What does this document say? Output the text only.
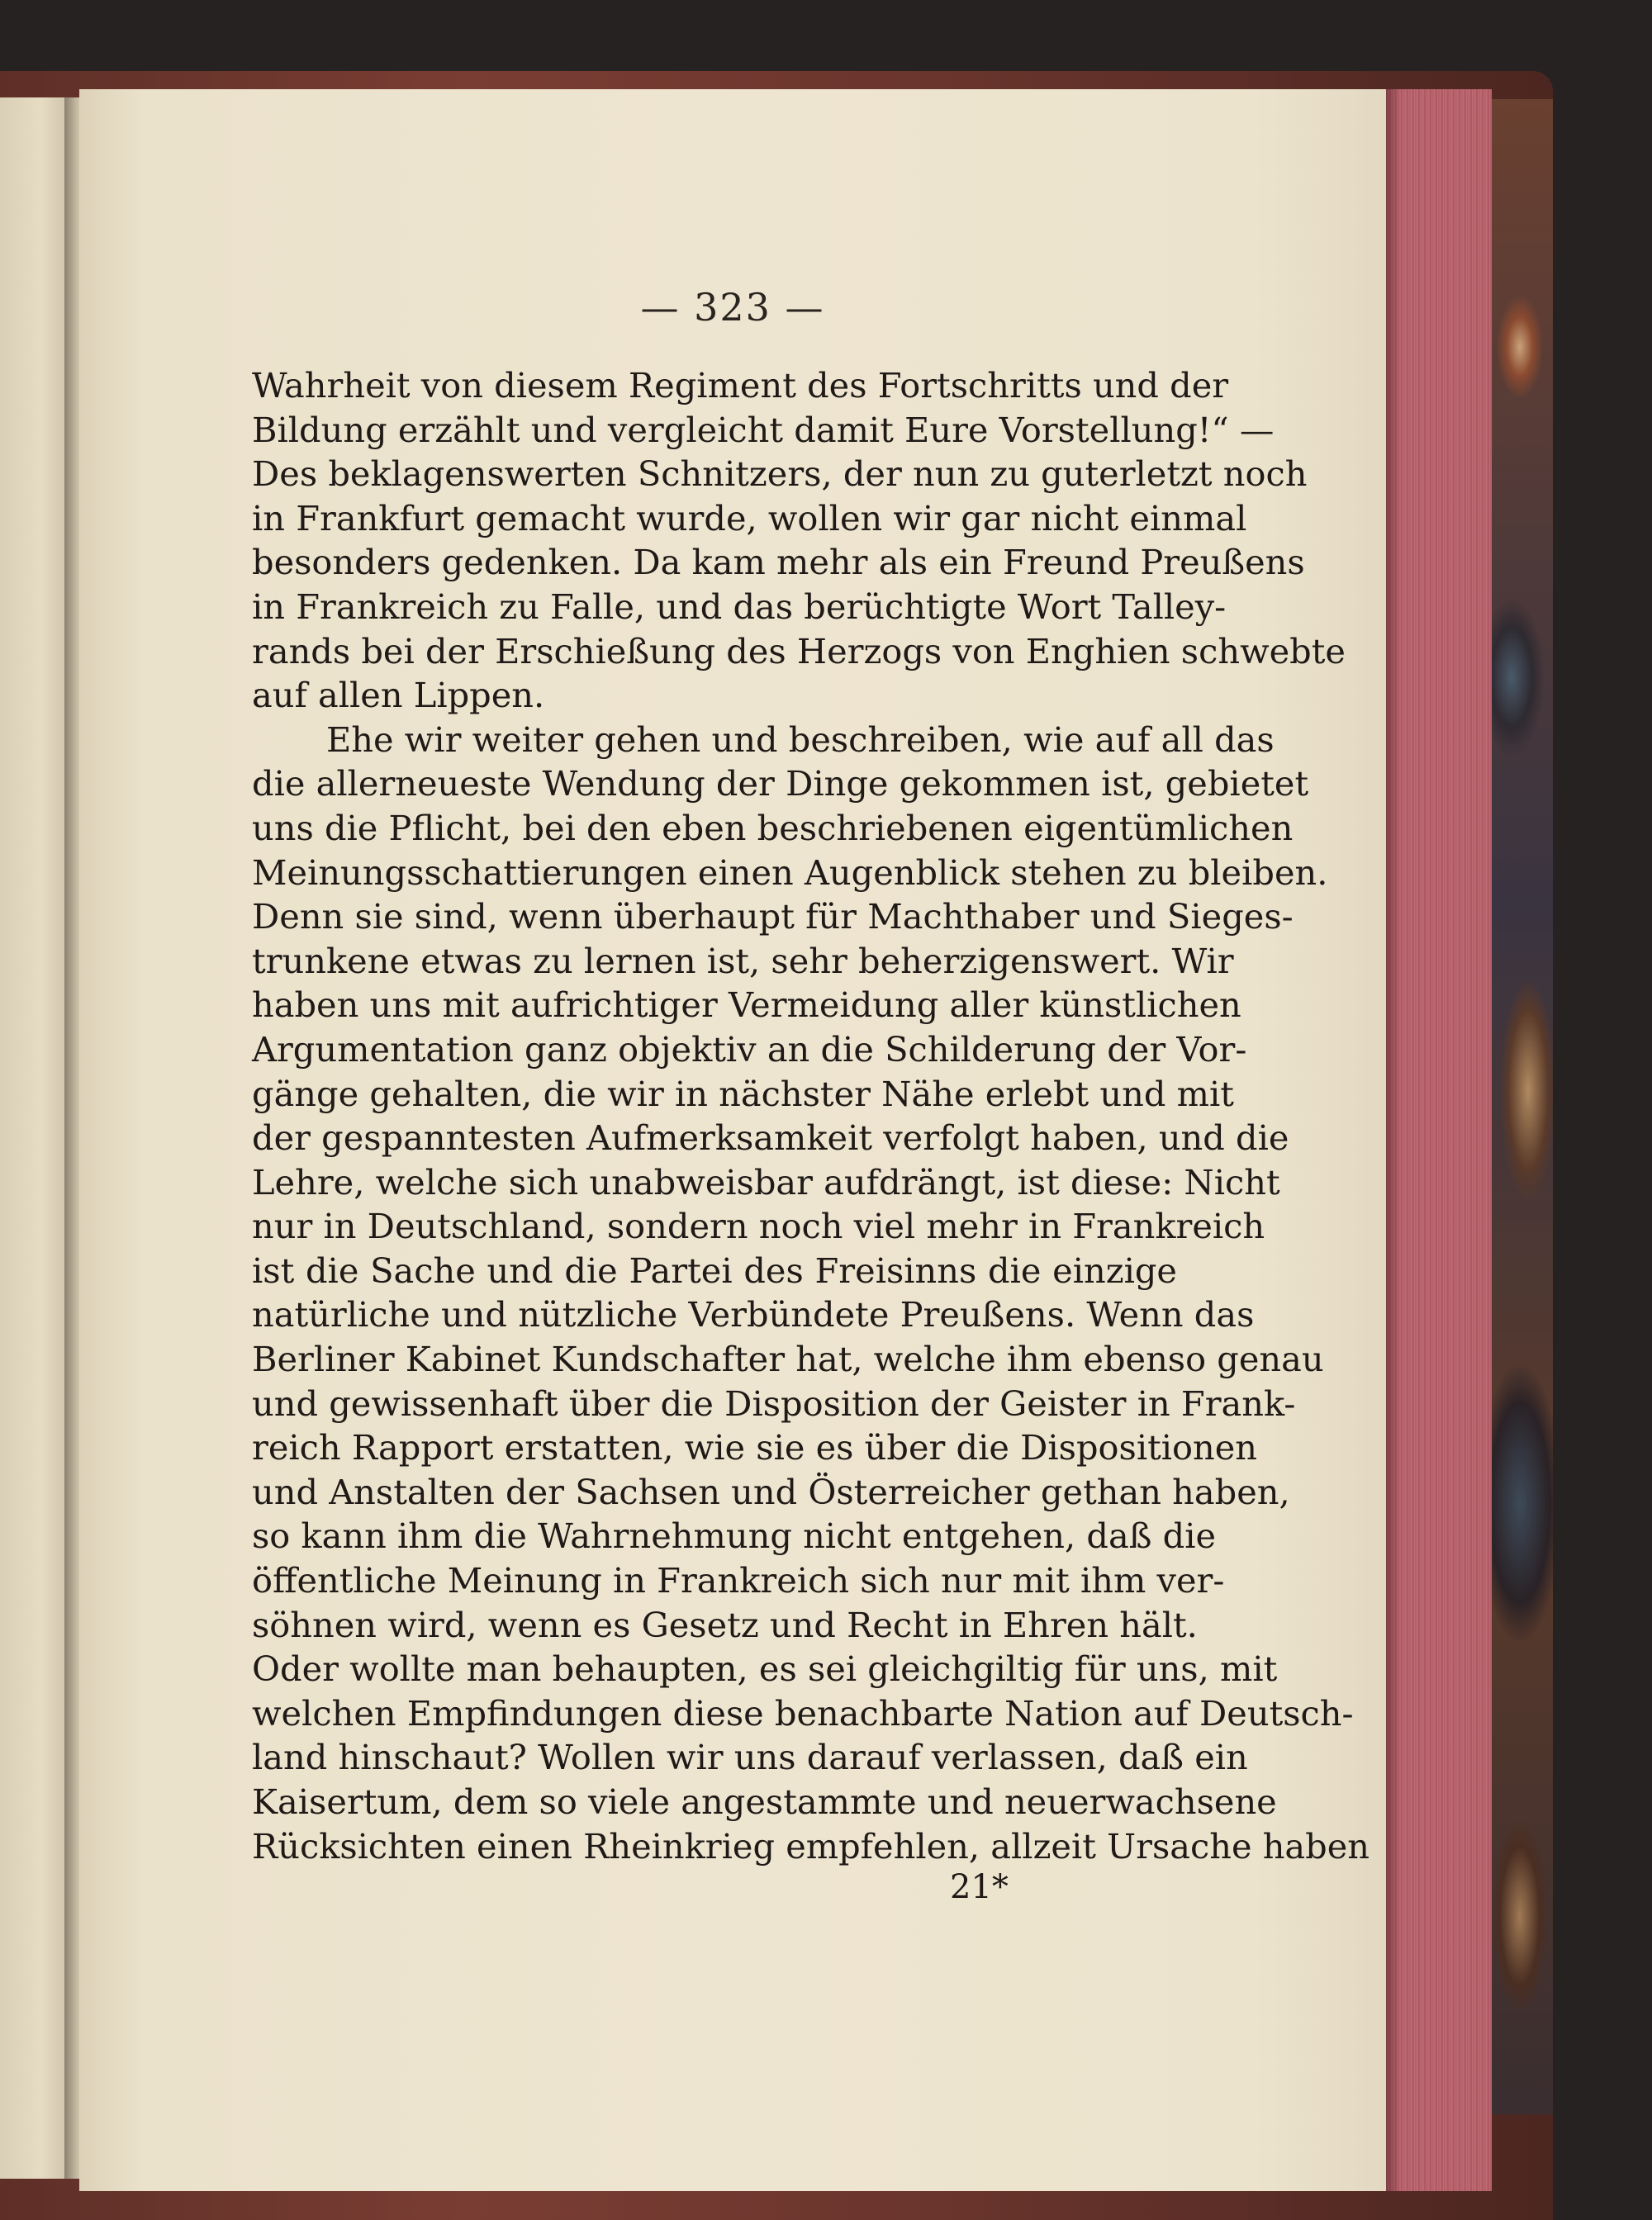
— 323 —
Wahrheit von diesem Regiment des Fortschritts und der
Bildung erzählt und vergleicht damit Eure Vorstellung!“ —
Des beklagenswerten Schnitzers, der nun zu guterletzt noch
in Frankfurt gemacht wurde, wollen wir gar nicht einmal
besonders gedenken. Da kam mehr als ein Freund Preußens
in Frankreich zu Falle, und das berüchtigte Wort Talley-
rands bei der Erschießung des Herzogs von Enghien schwebte
auf allen Lippen.
Ehe wir weiter gehen und beschreiben, wie auf all das
die allerneueste Wendung der Dinge gekommen ist, gebietet
uns die Pflicht, bei den eben beschriebenen eigentümlichen
Meinungsschattierungen einen Augenblick stehen zu bleiben.
Denn sie sind, wenn überhaupt für Machthaber und Sieges-
trunkene etwas zu lernen ist, sehr beherzigenswert. Wir
haben uns mit aufrichtiger Vermeidung aller künstlichen
Argumentation ganz objektiv an die Schilderung der Vor-
gänge gehalten, die wir in nächster Nähe erlebt und mit
der gespanntesten Aufmerksamkeit verfolgt haben, und die
Lehre, welche sich unabweisbar aufdrängt, ist diese: Nicht
nur in Deutschland, sondern noch viel mehr in Frankreich
ist die Sache und die Partei des Freisinns die einzige
natürliche und nützliche Verbündete Preußens. Wenn das
Berliner Kabinet Kundschafter hat, welche ihm ebenso genau
und gewissenhaft über die Disposition der Geister in Frank-
reich Rapport erstatten, wie sie es über die Dispositionen
und Anstalten der Sachsen und Österreicher gethan haben,
so kann ihm die Wahrnehmung nicht entgehen, daß die
öffentliche Meinung in Frankreich sich nur mit ihm ver-
söhnen wird, wenn es Gesetz und Recht in Ehren hält.
Oder wollte man behaupten, es sei gleichgiltig für uns, mit
welchen Empfindungen diese benachbarte Nation auf Deutsch-
land hinschaut? Wollen wir uns darauf verlassen, daß ein
Kaisertum, dem so viele angestammte und neuerwachsene
Rücksichten einen Rheinkrieg empfehlen, allzeit Ursache haben
21*
